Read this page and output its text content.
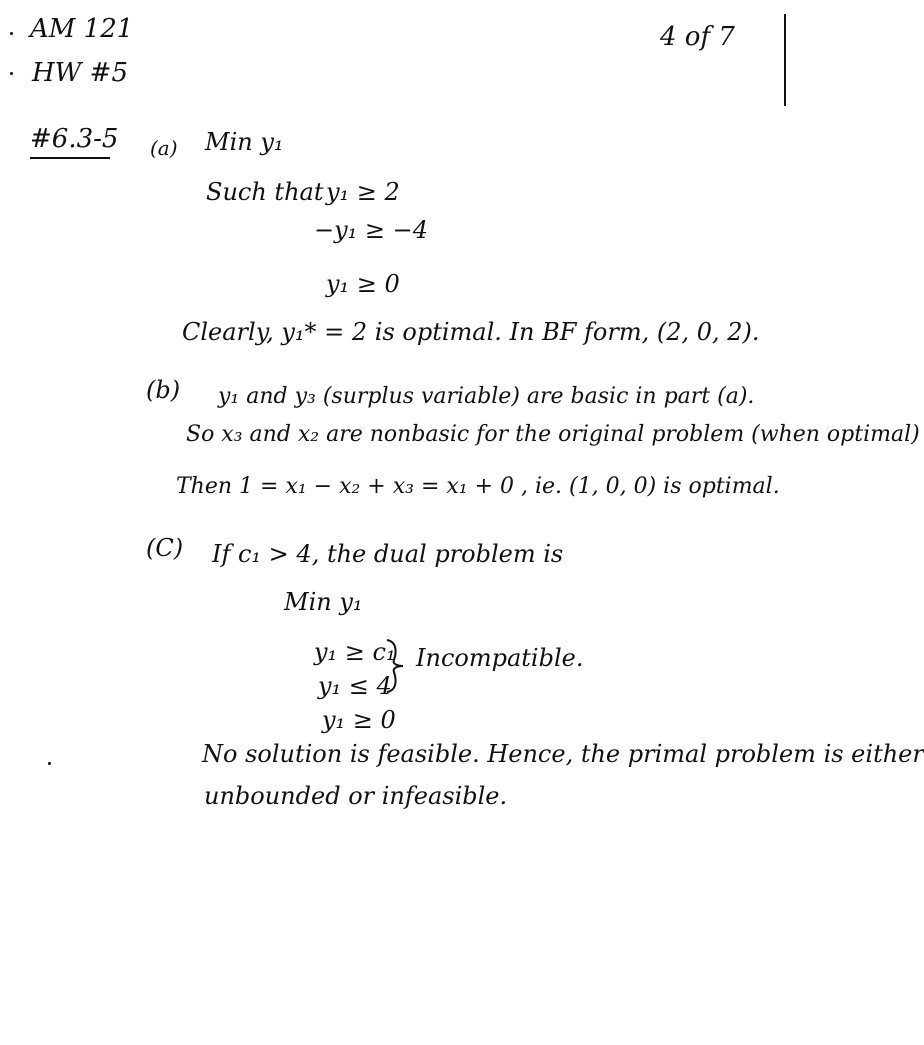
AM 121
HW #5
4 of 7
#6.3-5 (a) Min y₁
Such that y₁ ≥ 2
−y₁ ≥ −4
y₁ ≥ 0
Clearly, y₁* = 2 is optimal. In BF form, (2, 0, 2).
(b) y₁ and y₃ (surplus variable) are basic in part (a).
So x₃ and x₂ are nonbasic for the original problem (when optimal)
Then 1 = x₁ − x₂ + x₃ = x₁ + 0 , ie. (1, 0, 0) is optimal.
(C) If c₁ > 4, the dual problem is
Min y₁
y₁ ≥ c₁
y₁ ≤ 4
y₁ ≥ 0
Incompatible.
No solution is feasible. Hence, the primal problem is either
unbounded or infeasible.
